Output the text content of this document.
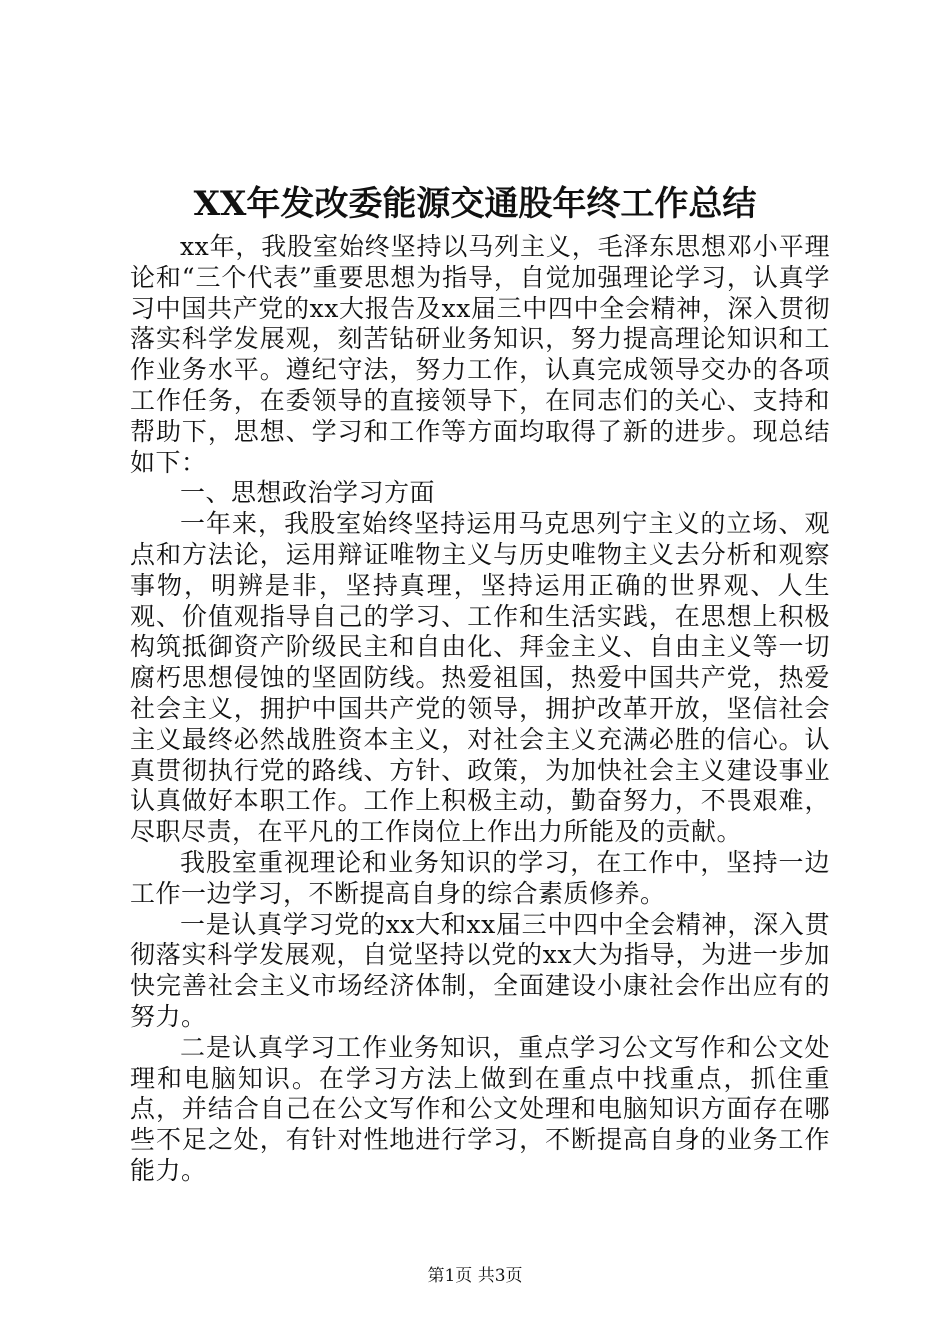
XX年发改委能源交通股年终工作总结

xx年，我股室始终坚持以马列主义，毛泽东思想邓小平理论和“三个代表”重要思想为指导，自觉加强理论学习，认真学习中国共产党的xx大报告及xx届三中四中全会精神，深入贯彻落实科学发展观，刻苦钻研业务知识，努力提高理论知识和工作业务水平。遵纪守法，努力工作，认真完成领导交办的各项工作任务，在委领导的直接领导下，在同志们的关心、支持和帮助下，思想、学习和工作等方面均取得了新的进步。现总结如下：

一、思想政治学习方面

一年来，我股室始终坚持运用马克思列宁主义的立场、观点和方法论，运用辩证唯物主义与历史唯物主义去分析和观察事物，明辨是非，坚持真理，坚持运用正确的世界观、人生观、价值观指导自己的学习、工作和生活实践，在思想上积极构筑抵御资产阶级民主和自由化、拜金主义、自由主义等一切腐朽思想侵蚀的坚固防线。热爱祖国，热爱中国共产党，热爱社会主义，拥护中国共产党的领导，拥护改革开放，坚信社会主义最终必然战胜资本主义，对社会主义充满必胜的信心。认真贯彻执行党的路线、方针、政策，为加快社会主义建设事业认真做好本职工作。工作上积极主动，勤奋努力，不畏艰难，尽职尽责，在平凡的工作岗位上作出力所能及的贡献。

我股室重视理论和业务知识的学习，在工作中，坚持一边工作一边学习，不断提高自身的综合素质修养。

一是认真学习党的xx大和xx届三中四中全会精神，深入贯彻落实科学发展观，自觉坚持以党的xx大为指导，为进一步加快完善社会主义市场经济体制，全面建设小康社会作出应有的努力。

二是认真学习工作业务知识，重点学习公文写作和公文处理和电脑知识。在学习方法上做到在重点中找重点，抓住重点，并结合自己在公文写作和公文处理和电脑知识方面存在哪些不足之处，有针对性地进行学习，不断提高自身的业务工作能力。

第1页 共3页
